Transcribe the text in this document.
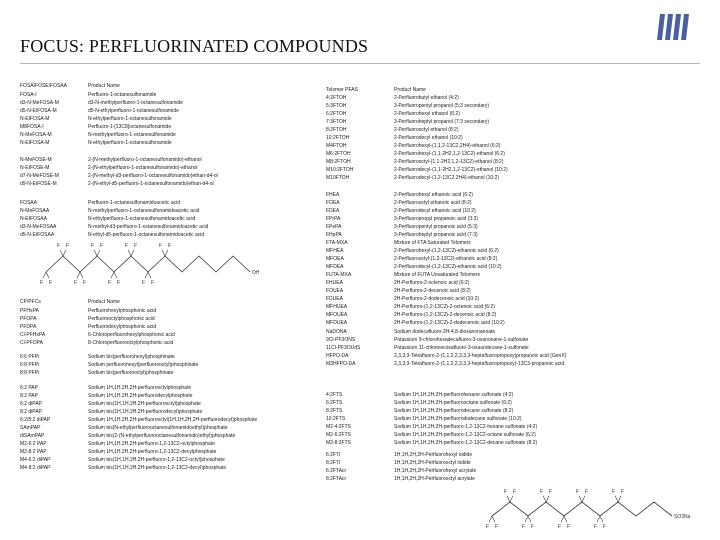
FOCUS: PERFLUORINATED COMPOUNDS
FOSA/FOSE/FOSAA	Product Name
FOSA-I	Perfluoro-1-octanesulfonamide
d3-N-MeFOSA-M	d3-N-methylperfluoro-1-octanesulfonamide
d5-N-EtFOSA-M	d5-N-ethylperfluoro-1-octanesulfonamide
N-EtFOSA-M	N-ethylperfluoro-1-octanesulfonamide
M8FOSA-I	Perfluoro-1-[13C8]octanesulfonamide
N-MeFOSA-M	N-methylperfluoro-1-octanesulfonamide
N-EtFOSA-M	N-ethylperfluoro-1-octanesulfonamide
N-MeFOSE-M	2-(N-methylperfluoro-1-octanesulfonamido)-ethanol
N-EtFOSE-M	2-(N-ethylperfluoro-1-octanesulfonamido)-ethanol
d7-N-MeFOSE-M	2-(N-methyl-d3-perfluoro-1-octanesulfonamido)ethan-d4-ol
d9-N-EtFOSE-M	2-(N-ethyl-d5-perfluoro-1-octanesulfonamido)ethan-d4-ol
FOSAA	Perfluoro-1-octanesulfonamidoacetic acid
N-MeFOSAA	N-methylperfluoro-1-octanesulfonamidoacetic acid
N-EtFOSAA	N-ethylperfluoro-1-octanesulfonamidoacetic acid
d3-N-MeFOSAA	N-methyl-d3-perfluoro-1-octanesulfonamidoacetic acid
d5-N-EtFOSAA	N-ethyl-d5-perfluoro-1-octanesulfonamidoacetic acid
F F
F F
F F
F F
F F
F F
F F
F F
OH
CP/PFCs	Product Name
PFHxPA	Perfluorohexylphosphonic acid
PFOPA	Perfluorooctylphosphonic acid
PFDPA	Perfluorodecylphosphonic acid
Cl-PFHxPA	6-Chloroperfluorohexylphosphonic acid
Cl-PFOPA	8-Chloroperfluorooctylphosphonic acid
6:6 PFPi	Sodium bis(perfluorohexyl)phosphinate
6:8 PFPi	Sodium perfluorohexyl(perfluorooctyl)phosphinate
8:8 PFPi	Sodium bis(perfluorooctyl)phosphinate
6:2 PAP	Sodium 1H,1H,2H,2H-perfluorooctylphosphate
8:2 PAP	Sodium 1H,1H,2H,2H-perfluorodecylphosphate
6:2 diPAP	Sodium bis(1H,1H,2H,2H-perfluorooctyl)phosphate
8:2 diPAP	Sodium bis(1H,1H,2H,2H-perfluorodecyl)phosphate
6:2/8:2 diPAP	Sodium 1H,1H,2H,2H-perfluorooctyl(1H,1H,2H,2H-perfluorodecyl)phosphate
SAmPAP	Sodium bis(N-ethylperfluorooctanesulfonamidoethyl)phosphate
diSAmPAP	Sodium bis(2-(N-ethylperfluorooctanesulfonamido)ethyl)phosphate
M2-6:2 PAP	Sodium 1H,1H,2H,2H-perfluoro-1,2-13C2-octylphosphate
M2-8:2 PAP	Sodium 1H,1H,2H,2H-perfluoro-1,2-13C2-decylphosphate
M4-6:2 diPAP	Sodium bis(1H,1H,2H,2H-perfluoro-1,2-13C2-octyl)phosphate
M4-8:2 diPAP	Sodium bis(1H,1H,2H,2H-perfluoro-1,2-13C2-decyl)phosphate
Telomer PFAS	Product Name
4:2FTOH	2-Perfluorobutyl ethanol (4:2)
5:3FTOH	3-Perfluoropentyl propanol (5:3 secondary)
6:2FTOH	2-Perfluorohexyl ethanol (6:2)
7:3FTOH	3-Perfluoroheptyl propanol (7:3 secondary)
8:2FTOH	2-Perfluorooctyl ethanol (8:2)
10:2FTOH	2-Perfluorodecyl ethanol (10:2)
M4FTOH	2-Perfluorohexyl-(1,1,2-13C2,2H4)-ethanol (6:2)
M6:2FTOH	2-Perfluorohexyl-(1,1-2H2,1,2-13C2)-ethanol (6:2)
M8:2FTOH	2-Perfluorooctyl-(1,1-2H2,1,2-13C2)-ethanol (8:2)
M10:2FTOH	2-Perfluorodecyl-(1,1-2H2,1,2-13C2)-ethanol (10:2)
M10FTOH	2-Perfluorodecyl-(1,2-13C2,2H4)-ethanol (10:2)
FHEA	2-Perfluorohexyl ethanoic acid (6:2)
FOEA	2-Perfluorooctyl ethanoic acid (8:2)
FDEA	2-Perfluorodecyl ethanoic acid (10:2)
FPrPA	3-Perfluoropropyl propanoic acid (3:3)
FPePA	3-Perfluoropentyl propanoic acid (5:3)
FHpPA	3-Perfluoroheptyl propanoic acid (7:3)
FTA-MXA	Mixture of FTA Saturated Telomers
MFHEA	2-Perfluorohexyl-(1,2-13C2)-ethanoic acid (6:2)
MFOEA	2-Perfluorooctyl-(1,2-13C2)-ethanoic acid (8:2)
MFDEA	2-Perfluorodecyl-(1,2-13C2)-ethanoic acid (10:2)
FUTA-MXA	Mixture of FUTA Unsaturated Telomers
FHUEA	2H-Perfluoro-2-octenoic acid (6:2)
FOUEA	2H-Perfluoro-2-decenoic acid (8:2)
FDUEA	2H-Perfluoro-2-dodecenoic acid (10:2)
MFHUEA	2H-Perfluoro-(1,2-13C2)-2-octenoic acid (6:2)
MFOUEA	2H-Perfluoro-(1,2-13C2)-2-decenoic acid (8:2)
MFDUEA	2H-Perfluoro-(1,2-13C2)-2-dodecenoic acid (10:2)
NaDONA	Sodium dodecafluoro-3H-4,8-dioxanonanoate
9Cl-PF3ONS	Potassium 9-chlorohexadecafluoro-3-oxanonane-1-sulfonate
11Cl-PF3OUdS	Potassium 11-chloroeicosafluoro-3-oxaundecane-1-sulfonate
HFPO-DA	2,3,3,3-Tetrafluoro-2-(1,1,2,2,3,3,3-heptafluoropropoxy)propanoic acid (GenX)
M3HFPO-DA	2,3,3,3-Tetrafluoro-2-(1,1,2,2,3,3,3-heptafluoropropoxy)-13C3-propanoic acid
4:2FTS	Sodium 1H,1H,2H,2H-perfluorohexane sulfonate (4:2)
6:2FTS	Sodium 1H,1H,2H,2H-perfluorooctane sulfonate (6:2)
8:2FTS	Sodium 1H,1H,2H,2H-perfluorodecane sulfonate (8:2)
10:2FTS	Sodium 1H,1H,2H,2H-perfluorododecane sulfonate (10:2)
M2-4:2FTS	Sodium 1H,1H,2H,2H-perfluoro-1,2-13C2-hexane sulfonate (4:2)
M2-6:2FTS	Sodium 1H,1H,2H,2H-perfluoro-1,2-13C2-octane sulfonate (6:2)
M2-8:2FTS	Sodium 1H,1H,2H,2H-perfluoro-1,2-13C2-decane sulfonate (8:2)
6:2FTI	1H,1H,2H,2H-Perfluorohexyl iodide
8:2FTI	1H,1H,2H,2H-Perfluorooctyl iodide
6:2FTAcr	1H,1H,2H,2H-Perfluorohexyl acrylate
8:2FTAcr	1H,1H,2H,2H-Perfluorooctyl acrylate
F F
F F
F F
F F
F F
F F
F F
F F
SO3Na
